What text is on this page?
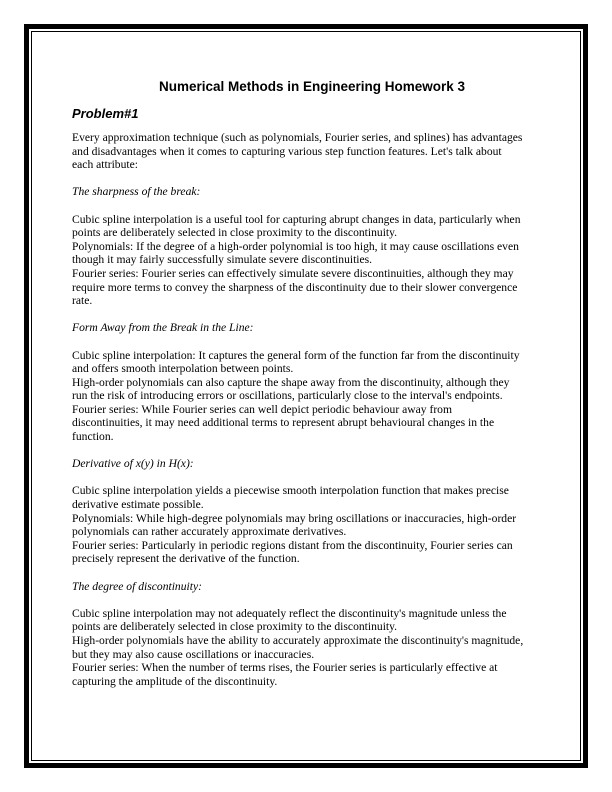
Numerical Methods in Engineering Homework 3
Problem#1
Every approximation technique (such as polynomials, Fourier series, and splines) has advantages
and disadvantages when it comes to capturing various step function features. Let's talk about
each attribute:
The sharpness of the break:
Cubic spline interpolation is a useful tool for capturing abrupt changes in data, particularly when
points are deliberately selected in close proximity to the discontinuity.
Polynomials: If the degree of a high-order polynomial is too high, it may cause oscillations even
though it may fairly successfully simulate severe discontinuities.
Fourier series: Fourier series can effectively simulate severe discontinuities, although they may
require more terms to convey the sharpness of the discontinuity due to their slower convergence
rate.
Form Away from the Break in the Line:
Cubic spline interpolation: It captures the general form of the function far from the discontinuity
and offers smooth interpolation between points.
High-order polynomials can also capture the shape away from the discontinuity, although they
run the risk of introducing errors or oscillations, particularly close to the interval's endpoints.
Fourier series: While Fourier series can well depict periodic behaviour away from
discontinuities, it may need additional terms to represent abrupt behavioural changes in the
function.
Derivative of x(y) in H(x):
Cubic spline interpolation yields a piecewise smooth interpolation function that makes precise
derivative estimate possible.
Polynomials: While high-degree polynomials may bring oscillations or inaccuracies, high-order
polynomials can rather accurately approximate derivatives.
Fourier series: Particularly in periodic regions distant from the discontinuity, Fourier series can
precisely represent the derivative of the function.
The degree of discontinuity:
Cubic spline interpolation may not adequately reflect the discontinuity's magnitude unless the
points are deliberately selected in close proximity to the discontinuity.
High-order polynomials have the ability to accurately approximate the discontinuity's magnitude,
but they may also cause oscillations or inaccuracies.
Fourier series: When the number of terms rises, the Fourier series is particularly effective at
capturing the amplitude of the discontinuity.
